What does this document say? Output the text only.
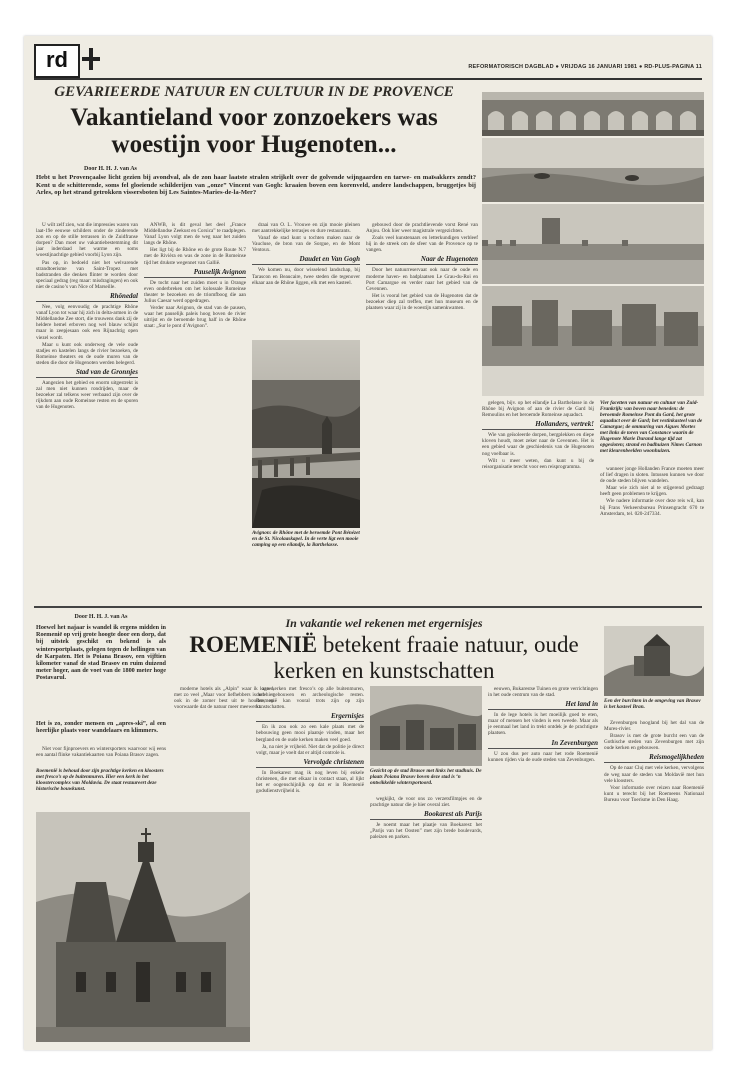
rd	REFORMATORISCH DAGBLAD ● VRIJDAG 16 JANUARI 1981 ● RD-PLUS-PAGINA 11
GEVARIEERDE NATUUR EN CULTUUR IN DE PROVENCE
Vakantieland voor zonzoekers was woestijn voor Hugenoten...
Door H. H. J. van As
Hebt u het Provençaalse licht gezien bij avondval, als de zon haar laatste stralen strijkelt over de golvende wijngaarden en tarwe- en maïsakkers zendt? Kent u de schitterende, soms fel gloeiende schilderijen van „onze” Vincent van Gogh: kraaien boven een korenveld, andere landschappen, bruggetjes bij Arles, op het strand getrokken vissersboten bij Les Saintes-Maries-de-la-Mer?

U wilt zelf zien, wat die impressies waren van laat-19e eeuwse schilders onder de zinderende zon en op de stille terrassen in de Zuidfranse dorpen? Dan moet uw vakantiebestemming dit jaar inderdaad het warme en soms woestijnachtige gebied voorbij Lyon zijn.

Pas op, in bedoeld niet het welvarende strandtoerisme van Saint-Tropez met badstranden die denken flinter te worden door speciaal gedrag (reg maar: misdragingen) en ook niet de casino’s van Nice of Marseille.

Rhônedal

Nee, volg eenvoudig de prachtige Rhône vanaf Lyon tot waar hij zich in delta-armen in de Middellandse Zee stort, die trouwens dank zij de heldere hemel erboven nog wel blauw schijnt maar in zeepjesaan ook een Rijnachtig open viezel wordt.

Maar u kunt ook onderweg de vele oude stadjes en kastelen langs de rivier bezoeken, de Romeinse theaters en de oude muren van de steden die door de Hugenoten werden belegerd.

Stad van de Gronnjes

Aangezien het gebied en enorm uitgestrekt is zal men niet kunnen rondrijden, maar de bezoeker zal telkens weer verbaasd zijn over de rijkdom aan oude Romeinse resten en de sporen van de Hugenoten.

ANWB, is dit geval het deel „France Middellandse Zeekust en Corsica” te raadplegen. Vanaf Lyon volgt men de weg naar het zuiden langs de Rhône.

Het ligt bij de Rhône en de grote Route N.7 met de Rivièra en was de zone in de Romeinse tijd het drukste wegennet van Gallië.

Pauselijk Avignon

De tocht naar het zuiden moet u in Orange even onderbreken om het kolossale Romeinse theater te bezoeken en de triomfboog die aan Julius Caesar werd opgedragen.

Verder naar Avignon, de stad van de pausen, waar het pauselijk paleis hoog boven de rivier uitrijst en de beroemde brug half in de Rhône staat: „Sur le pont d’Avignon”.

draai van O. L. Vrouwe en zijn mooie pleinen met aantrekkelijke terrasjes en dure restaurants.

Vanaf de stad kunt u tochten maken naar de Vaucluse, de bron van de Sorgue, en de Mont Ventoux.

Daudet en Van Gogh

We komen nu, door wisselend landschap, bij Tarascon en Beaucaire, twee steden die tegenover elkaar aan de Rhône liggen, elk met een kasteel.

Avignon: de Rhône met de beroemde Pont Bénézet en de St. Nicolaaskapel. In de verte ligt een mooie camping op een eilandje, la Barthelasse.

gebouwd door de prachtlievende vorst René van Anjou. Ook hier weer magistrale vergezichten.

Zoals veel kunstenaars en letterkundigen verbleef hij in de streek om de sfeer van de Provence op te vangen.

Naar de Hugenoten

Door het natuurreservaat ook naar de oude en moderne haven- en badplaatsen Le Grau-du-Roi en Port Camargue en verder naar het gebied van de Cevennen.

Het is vooral het gebied van de Hugenoten dat de bezoeker diep zal treffen, met hun museum en de plaatsen waar zij in de woestijn samenkwamen.

gelegen, bijv. op het eilandje La Barthelasse in de Rhône bij Avignon of aan de rivier de Gard bij Remoulins en het beroemde Romeinse aquaduct.

Hollanders, vertrek!

Wie van geïsoleerde dorpen, bergplekken en diepe kloven houdt, moet zeker naar de Cevennen. Het is een gebied waar de geschiedenis van de Hugenoten nog voelbaar is.

Wilt u meer weten, dan kunt u bij de reisorganisatie terecht voor een reisprogramma.

Vier facetten van natuur en cultuur van Zuid-Frankrijk: van boven naar beneden: de beroemde Romeinse Pont du Gard, het grote aquaduct over de Gard; het vestinkasteel van de Camargue; de ommuring van Aigues Mortes met links de toren van Constance waarin de Hugenote Marie Durand lange tijd zat opgesloten; strand en badhuizen Nimes Carnon met kleurenbeelden woonhuizen.

wanneer jonge Hollanden France moeten meer of lief dragen in sloten. Intussen kunnen we door de oude steden blijven wandelen.

Maar wie zich niet al te stijgerend gedraagt heeft geen problemen te krijgen.

Wie nadere informatie over deze reis wil, kan bij Frans Verkeersbureau Prinsengracht 670 te Amsterdam, tel. 020-247334.

Door H. H. J. van As	In vakantie wel rekenen met ergernisjes
ROEMENIË betekent fraaie natuur, oude kerken en kunstschatten
Hoewel het najaar is wandel ik ergens midden in Roemenië op vrij grote hoogte door een dorp, dat bij uitstek geschikt en bekend is als wintersportplaats, gelegen tegen de hellingen van de Karpaten. Het is Poiana Brasov, een vijftien kilometer vanaf de stad Brasov en ruim duizend meter hoger, aan de voet van de 1800 meter hoge Postavarul.
Het is zo, zonder mensen en „apres-ski”, al een heerlijke plaats voor wandelaars en klimmers.

Niet voor fijnproevers en wintersporters waarvoor wij eens een aantal flinke vakantiekaarten van Poiana Brasov zagen.

Roemenië is behoud door zijn prachtige kerken en kloosters met fresco’s op de buitenmuren. Hier een kerk in het kloostercomplex van Moldavia. De staat restaureert deze historische bouwkunst.

moderne hotels als „Alpin” waar ik logeer, met zo veel „Maar voor liefhebbers is het hier ook in de zomer best uit te houden, op voorwaarde dat de natuur meer meewerkt.

aan kerken met fresco’s op alle buitenmuren, oude gebouwen en archeologische resten. Roemenië kan vooral trots zijn op zijn kunstschatten.

Ergernisjes

En ik zou ook zo een kale plaats met de bebouwing geen mooi plaatsje vinden, maar het bergland en de oude kerken maken veel goed.

Ja, na niet je vrijheid. Niet dat de politie je direct volgt, maar je voelt dat er altijd controle is.

Vervolgde christenen

In Boekarest mag ik nog leven bij enkele christenen, die met elkaar in contact staan, al lijkt het er oogenschijnlijk op dat er in Roemenië godsdienstvrijheid is.

Gezicht op de stad Brasov met links het stadhuis. De plaats Poiana Brasov boven deze stad is ‘n ontwikkelde wintersportoord.

wegkijkt, de voor ons zo verzetsfilmpjes en de prachtige natuur die je hier overal ziet.

Bookarest als Parijs

Je noemt maar het plaatje van Boekarest: het „Parijs van het Oosten” met zijn brede boulevards, paleizen en parken.

eeuwen, Bukarestse Tuinen en grote verrichtingen in het oude centrum van de stad.

Het land in

In de lege hotels is het moeilijk goed te eten, maar of mensen het vinden is een tweede. Maar als je eenmaal het land in trekt ontdek je de prachtigste plaatsen.

In Zevenburgen

U zou dus per auto naar het rode Roemenië kunnen rijden via de oude steden van Zevenburgen.

Een der burchten in de omgeving van Brasov is het kasteel Bran.

Zevenburgen hoogland bij het dal van de Mures-rivier.

Brasov is met de grote burcht een van de Gothische steden van Zevenburgen met zijn oude kerken en gebouwen.

Reismogelijkheden

Op de naar Cluj met vele kerken, vervolgens de weg naar de steden van Moldavië met hun vele kloosters.

Voor informatie over reizen naar Roemenië kunt u terecht bij het Roemeens Nationaal Bureau voor Toerisme in Den Haag.
